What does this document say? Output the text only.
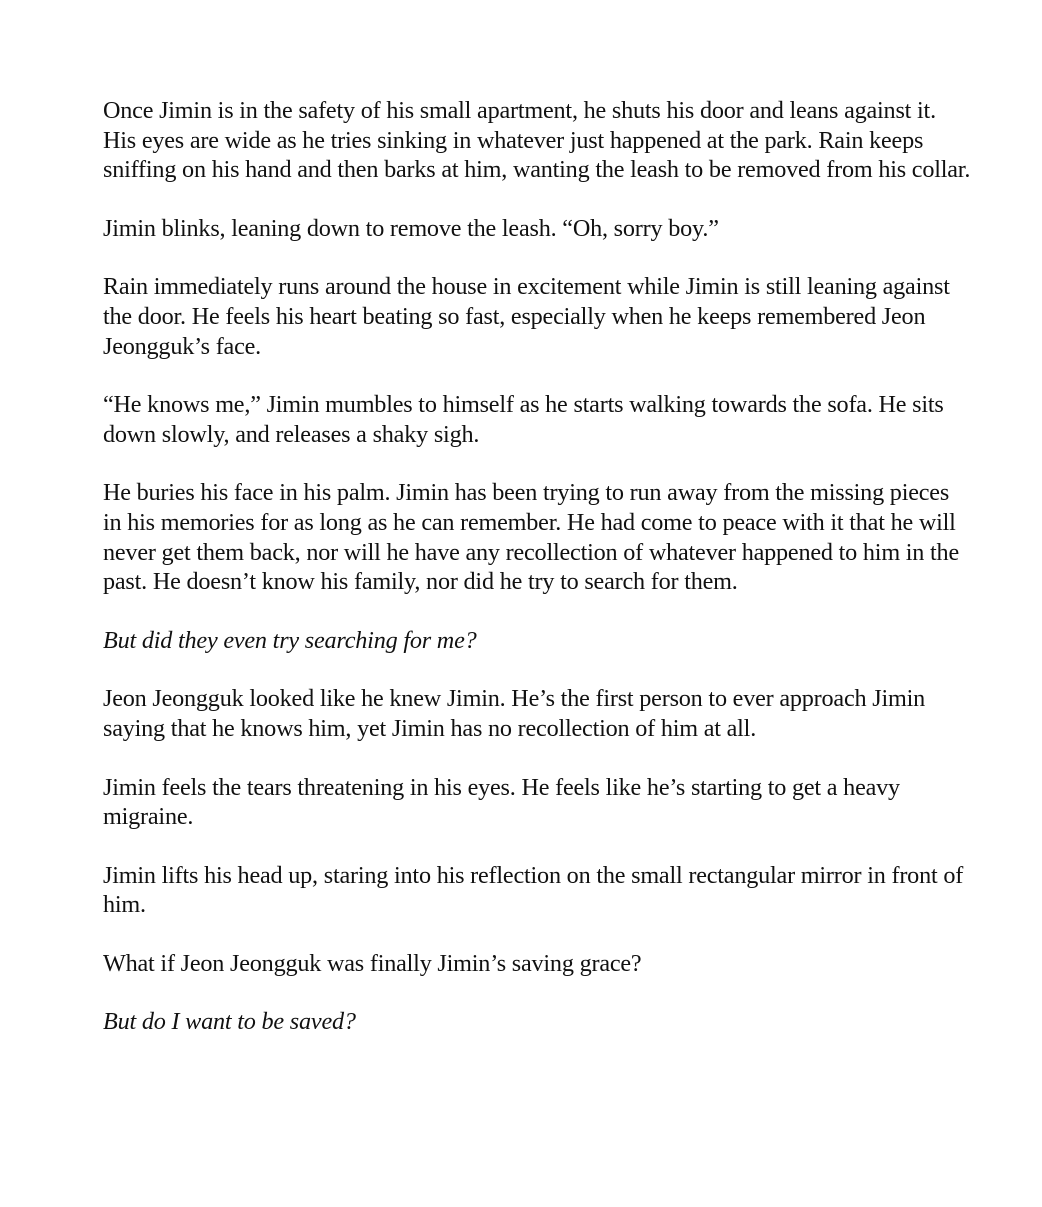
Once Jimin is in the safety of his small apartment, he shuts his door and leans against it. His eyes are wide as he tries sinking in whatever just happened at the park. Rain keeps sniffing on his hand and then barks at him, wanting the leash to be removed from his collar.

Jimin blinks, leaning down to remove the leash. “Oh, sorry boy.”

Rain immediately runs around the house in excitement while Jimin is still leaning against the door. He feels his heart beating so fast, especially when he keeps remembered Jeon Jeongguk’s face.

“He knows me,” Jimin mumbles to himself as he starts walking towards the sofa. He sits down slowly, and releases a shaky sigh.

He buries his face in his palm. Jimin has been trying to run away from the missing pieces in his memories for as long as he can remember. He had come to peace with it that he will never get them back, nor will he have any recollection of whatever happened to him in the past. He doesn’t know his family, nor did he try to search for them.

But did they even try searching for me?

Jeon Jeongguk looked like he knew Jimin. He’s the first person to ever approach Jimin saying that he knows him, yet Jimin has no recollection of him at all.

Jimin feels the tears threatening in his eyes. He feels like he’s starting to get a heavy migraine.

Jimin lifts his head up, staring into his reflection on the small rectangular mirror in front of him.

What if Jeon Jeongguk was finally Jimin’s saving grace?

But do I want to be saved?
